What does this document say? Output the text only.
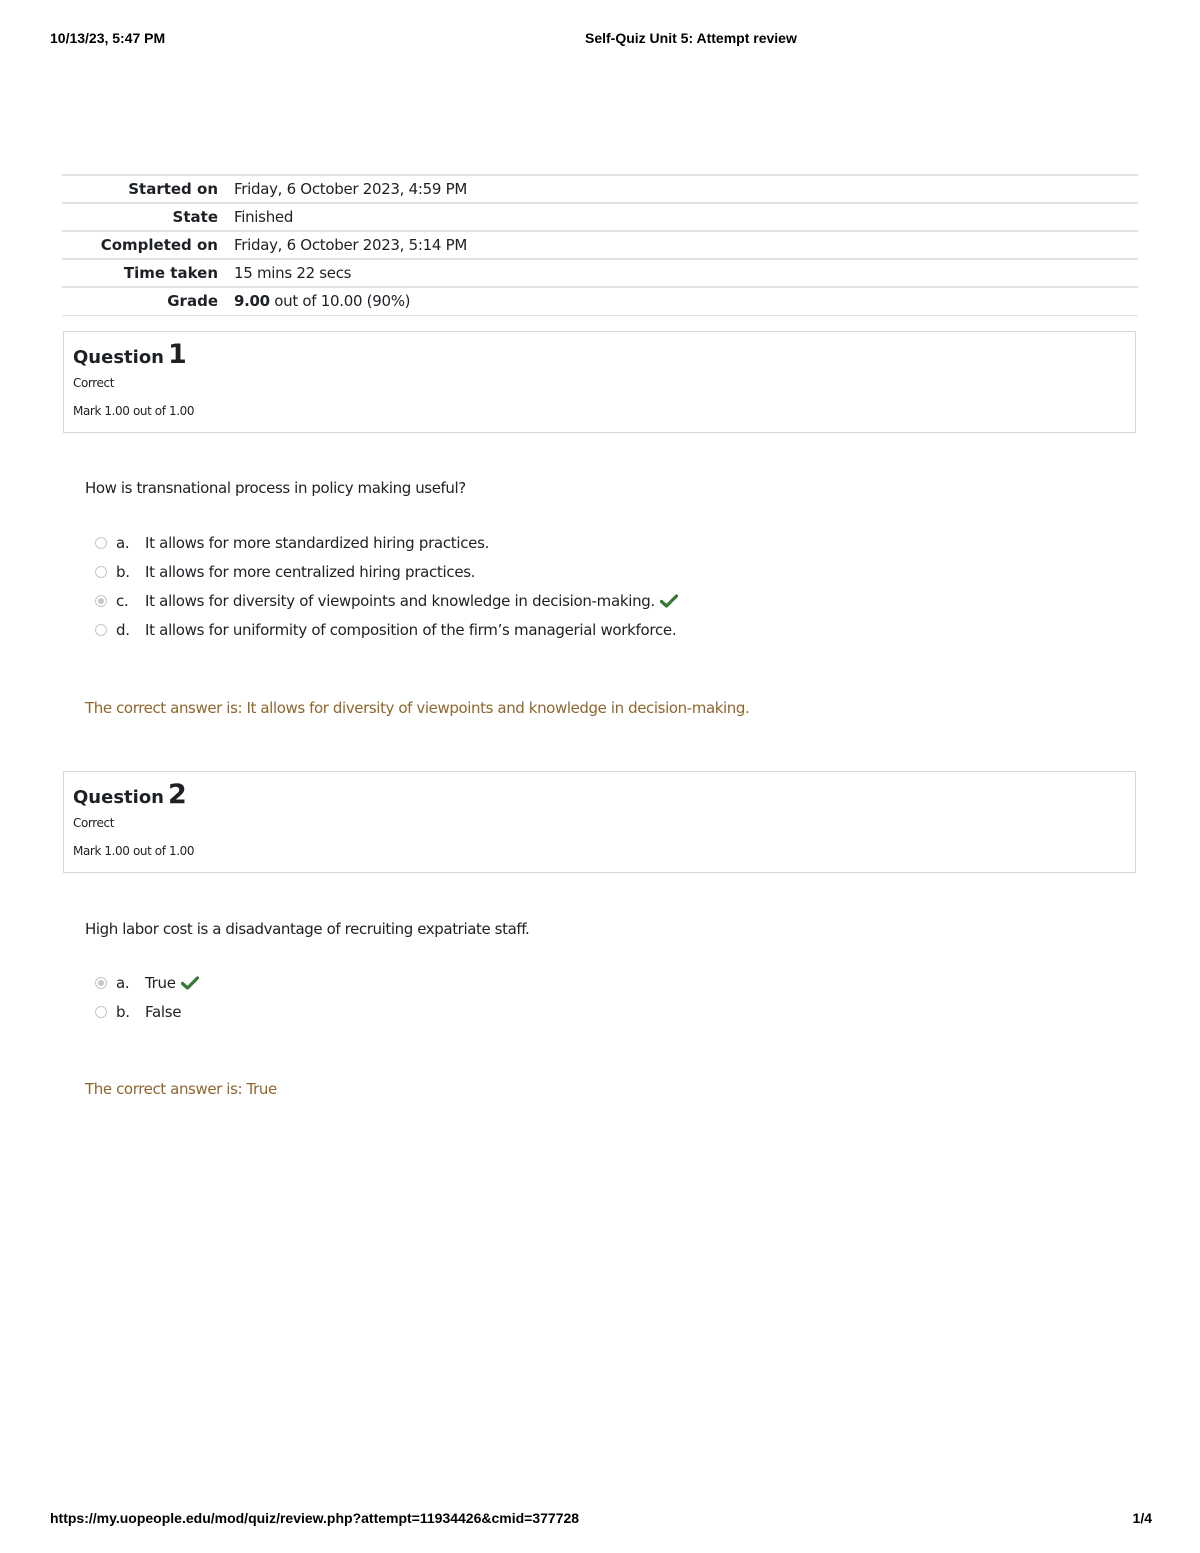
10/13/23, 5:47 PM	Self-Quiz Unit 5: Attempt review
Started on	Friday, 6 October 2023, 4:59 PM
State	Finished
Completed on	Friday, 6 October 2023, 5:14 PM
Time taken	15 mins 22 secs
Grade	9.00 out of 10.00 (90%)
Question 1
Correct
Mark 1.00 out of 1.00
How is transnational process in policy making useful?
a.	It allows for more standardized hiring practices.
b.	It allows for more centralized hiring practices.
c.	It allows for diversity of viewpoints and knowledge in decision-making.
d.	It allows for uniformity of composition of the firm’s managerial workforce.
The correct answer is: It allows for diversity of viewpoints and knowledge in decision-making.
Question 2
Correct
Mark 1.00 out of 1.00
High labor cost is a disadvantage of recruiting expatriate staff.
a.	True
b.	False
The correct answer is: True
https://my.uopeople.edu/mod/quiz/review.php?attempt=11934426&cmid=377728	1/4
